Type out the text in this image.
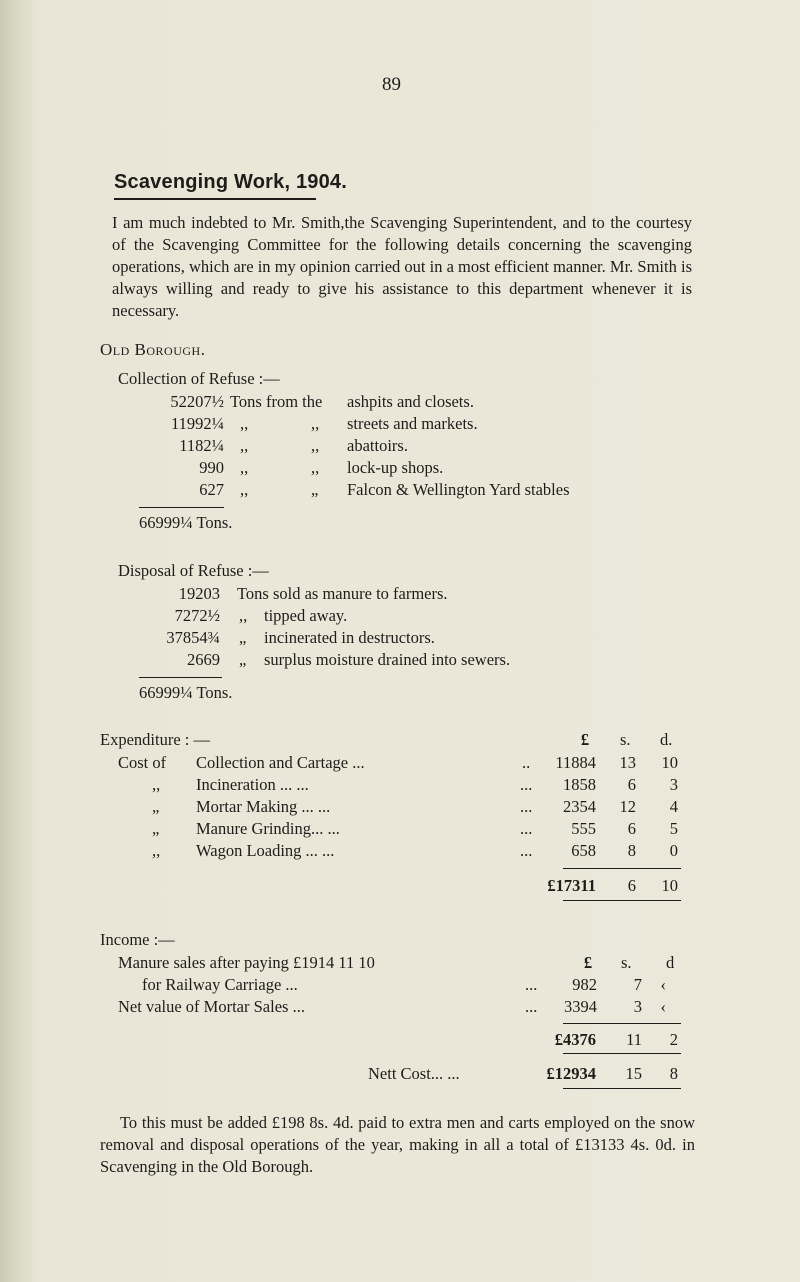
89
Scavenging Work, 1904.
I am much indebted to Mr. Smith,the Scavenging Superintendent, and to the courtesy of the Scavenging Committee for the following details concerning the scavenging operations, which are in my opinion carried out in a most efficient manner. Mr. Smith is always willing and ready to give his assistance to this department whenever it is necessary.
Old Borough.
Collection of Refuse :—
52207½ Tons from the ashpits and closets.
11992¼ ,,	,, streets and markets.
1182¼ ,,	,, abattoirs.
990 ,,	,, lock-up shops.
627 ,,	„ Falcon & Wellington Yard stables
66999¼ Tons.
Disposal of Refuse :—
19203 Tons sold as manure to farmers.
7272½ ,, tipped away.
37854¾ „ incinerated in destructors.
2669 „ surplus moisture drained into sewers.
66999¼ Tons.
Expenditure : —	£	s. d.
Cost of Collection and Cartage ...	..	11884	13	10
,, Incineration ... ...	...	1858	6	3
„ Mortar Making ... ...	...	2354	12	4
„ Manure Grinding... ...	...	555	6	5
,, Wagon Loading ... ...	...	658	8	0
£17311	6	10
Income :—
£	s. d
Manure sales after paying £1914 11 10
for Railway Carriage ...	...	982	7	‹
Net value of Mortar Sales ...	...	3394	3	‹
£4376	11	2
Nett Cost... ...	£12934	15	8
To this must be added £198 8s. 4d. paid to extra men and carts employed on the snow removal and disposal operations of the year, making in all a total of £13133 4s. 0d. in Scavenging in the Old Borough.
